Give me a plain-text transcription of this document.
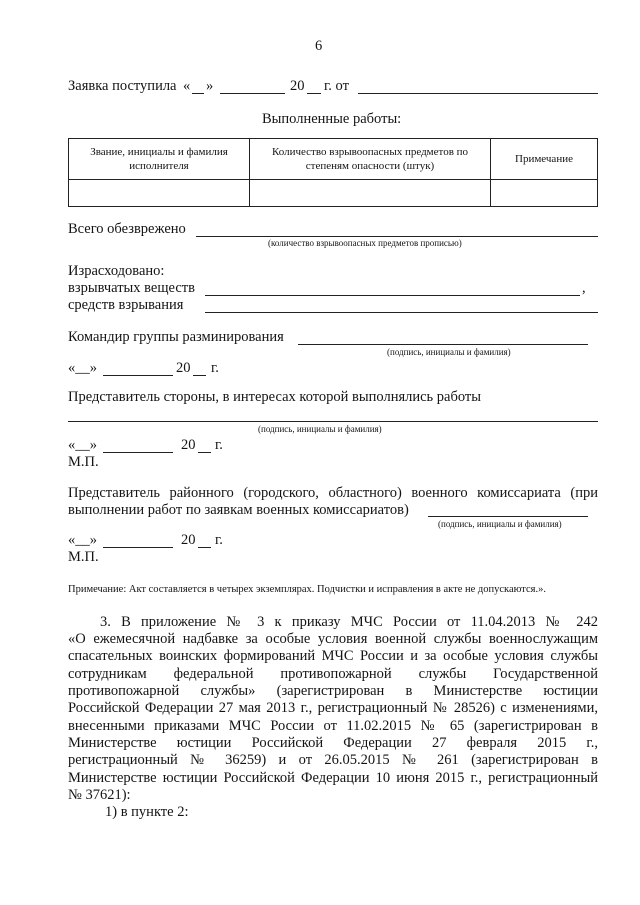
6
Заявка поступила « »	20 г. от
Выполненные работы:
Звание, инициалы и фамилия исполнителя	Количество взрывоопасных предметов по степеням опасности (штук)	Примечание

Всего обезврежено
(количество взрывоопасных предметов прописью)
Израсходовано:
взрывчатых веществ	,
средств взрывания
Командир группы разминирования
(подпись, инициалы и фамилия)
«__»	20 г.
Представитель стороны, в интересах которой выполнялись работы
(подпись, инициалы и фамилия)
«__»	20 г.
М.П.
Представитель районного (городского, областного) военного комиссариата (при
выполнении работ по заявкам военных комиссариатов)
(подпись, инициалы и фамилия)
«__»	20 г.
М.П.
Примечание: Акт составляется в четырех экземплярах. Подчистки и исправления в акте не допускаются.».
3. В приложение № 3 к приказу МЧС России от 11.04.2013 № 242
«О ежемесячной надбавке за особые условия военной службы военнослужащим
спасательных воинских формирований МЧС России и за особые условия службы
сотрудникам федеральной противопожарной службы Государственной
противопожарной службы» (зарегистрирован в Министерстве юстиции
Российской Федерации 27 мая 2013 г., регистрационный № 28526) с изменениями,
внесенными приказами МЧС России от 11.02.2015 № 65 (зарегистрирован в
Министерстве юстиции Российской Федерации 27 февраля 2015 г.,
регистрационный № 36259) и от 26.05.2015 № 261 (зарегистрирован в
Министерстве юстиции Российской Федерации 10 июня 2015 г., регистрационный
№ 37621):
1) в пункте 2:
